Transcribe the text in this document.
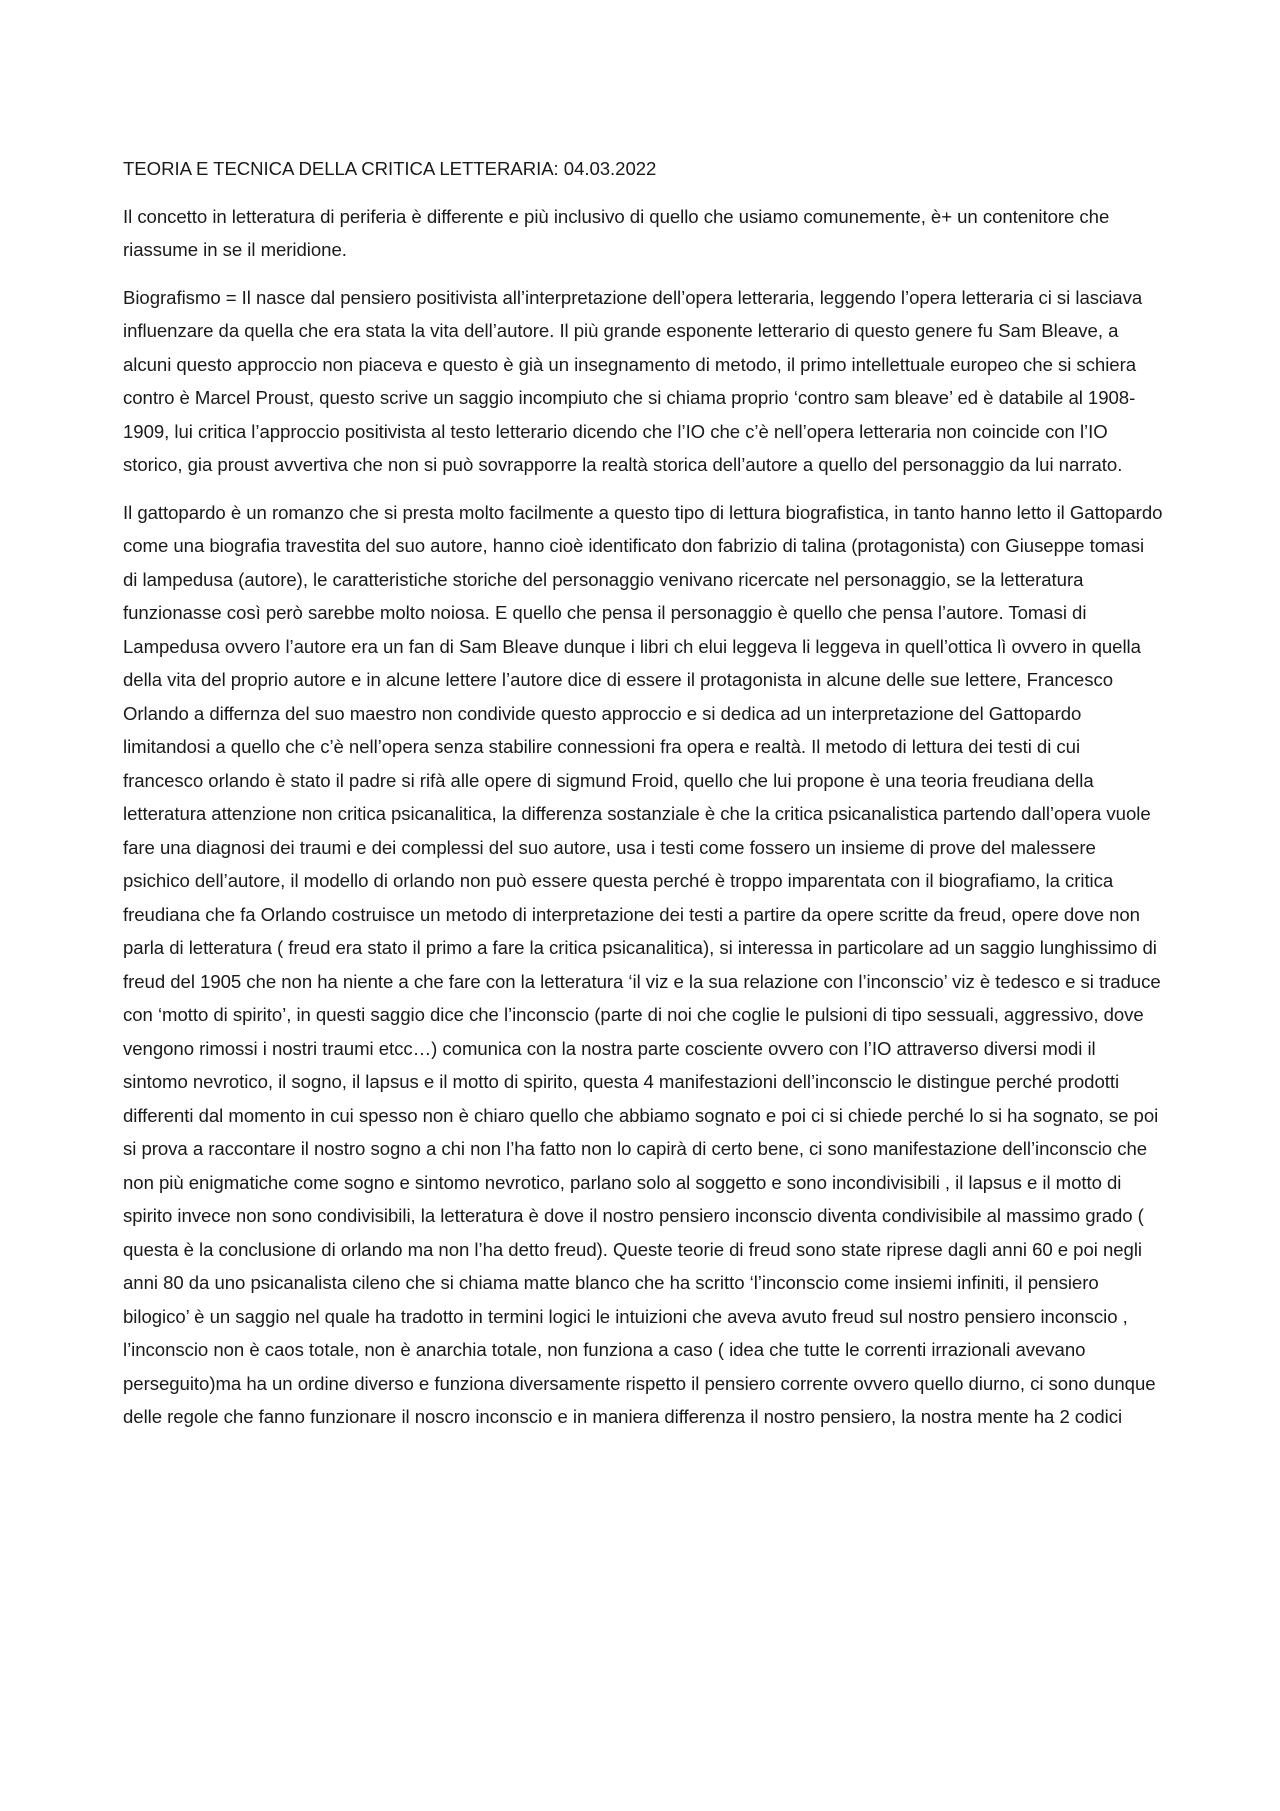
TEORIA E TECNICA DELLA CRITICA LETTERARIA: 04.03.2022

Il concetto in letteratura di periferia è differente e più inclusivo di quello che usiamo comunemente, è+ un contenitore che riassume in se il meridione.

Biografismo = Il nasce dal pensiero positivista all’interpretazione dell’opera letteraria, leggendo l’opera letteraria ci si lasciava influenzare da quella che era stata la vita dell’autore. Il più grande esponente letterario di questo genere fu Sam Bleave, a alcuni questo approccio non piaceva e questo è già un insegnamento di metodo, il primo intellettuale europeo che si schiera contro è Marcel Proust, questo scrive un saggio incompiuto che si chiama proprio ‘contro sam bleave’ ed è databile al 1908-1909, lui critica l’approccio positivista al testo letterario dicendo che l’IO che c’è nell’opera letteraria non coincide con l’IO storico, gia proust avvertiva che non si può sovrapporre la realtà storica dell’autore a quello del personaggio da lui narrato.

Il gattopardo è un romanzo che si presta molto facilmente a questo tipo di lettura biografistica, in tanto hanno letto il Gattopardo come una biografia travestita del suo autore, hanno cioè identificato don fabrizio di talina (protagonista) con Giuseppe tomasi di lampedusa (autore), le caratteristiche storiche del personaggio venivano ricercate nel personaggio, se la letteratura funzionasse così però sarebbe molto noiosa. E quello che pensa il personaggio è quello che pensa l’autore. Tomasi di Lampedusa ovvero l’autore era un fan di Sam Bleave dunque i libri ch elui leggeva li leggeva in quell’ottica lì ovvero in quella della vita del proprio autore e in alcune lettere l’autore dice di essere il protagonista in alcune delle sue lettere, Francesco Orlando a differnza del suo maestro non condivide questo approccio e si dedica ad un interpretazione del Gattopardo limitandosi a quello che c’è nell’opera senza stabilire connessioni fra opera e realtà. Il metodo di lettura dei testi di cui francesco orlando è stato il padre si rifà alle opere di sigmund Froid, quello che lui propone è una teoria freudiana della letteratura attenzione non critica psicanalitica, la differenza sostanziale è che la critica psicanalistica partendo dall’opera vuole fare una diagnosi dei traumi e dei complessi del suo autore, usa i testi come fossero un insieme di prove del malessere psichico dell’autore, il modello di orlando non può essere questa perché è troppo imparentata con il biografiamo, la critica freudiana che fa Orlando costruisce un metodo di interpretazione dei testi a partire da opere scritte da freud, opere dove non parla di letteratura ( freud era stato il primo a fare la critica psicanalitica), si interessa in particolare ad un saggio lunghissimo di freud del 1905 che non ha niente a che fare con la letteratura ‘il viz e la sua relazione con l’inconscio’ viz è tedesco e si traduce con ‘motto di spirito’, in questi saggio dice che l’inconscio (parte di noi che coglie le pulsioni di tipo sessuali, aggressivo, dove vengono rimossi i nostri traumi etcc…) comunica con la nostra parte cosciente ovvero con l’IO attraverso diversi modi il sintomo nevrotico, il sogno, il lapsus e il motto di spirito, questa 4 manifestazioni dell’inconscio le distingue perché prodotti differenti dal momento in cui spesso non è chiaro quello che abbiamo sognato e poi ci si chiede perché lo si ha sognato, se poi si prova a raccontare il nostro sogno a chi non l’ha fatto non lo capirà di certo bene, ci sono manifestazione dell’inconscio che non più enigmatiche come sogno e sintomo nevrotico, parlano solo al soggetto e sono incondivisibili , il lapsus e il motto di spirito invece non sono condivisibili, la letteratura è dove il nostro pensiero inconscio diventa condivisibile al massimo grado ( questa è la conclusione di orlando ma non l’ha detto freud). Queste teorie di freud sono state riprese dagli anni 60 e poi negli anni 80 da uno psicanalista cileno che si chiama matte blanco che ha scritto ‘l’inconscio come insiemi infiniti, il pensiero bilogico’ è un saggio nel quale ha tradotto in termini logici le intuizioni che aveva avuto freud sul nostro pensiero inconscio , l’inconscio non è caos totale, non è anarchia totale, non funziona a caso ( idea che tutte le correnti irrazionali avevano perseguito)ma ha un ordine diverso e funziona diversamente rispetto il pensiero corrente ovvero quello diurno, ci sono dunque delle regole che fanno funzionare il noscro inconscio e in maniera differenza il nostro pensiero, la nostra mente ha 2 codici
